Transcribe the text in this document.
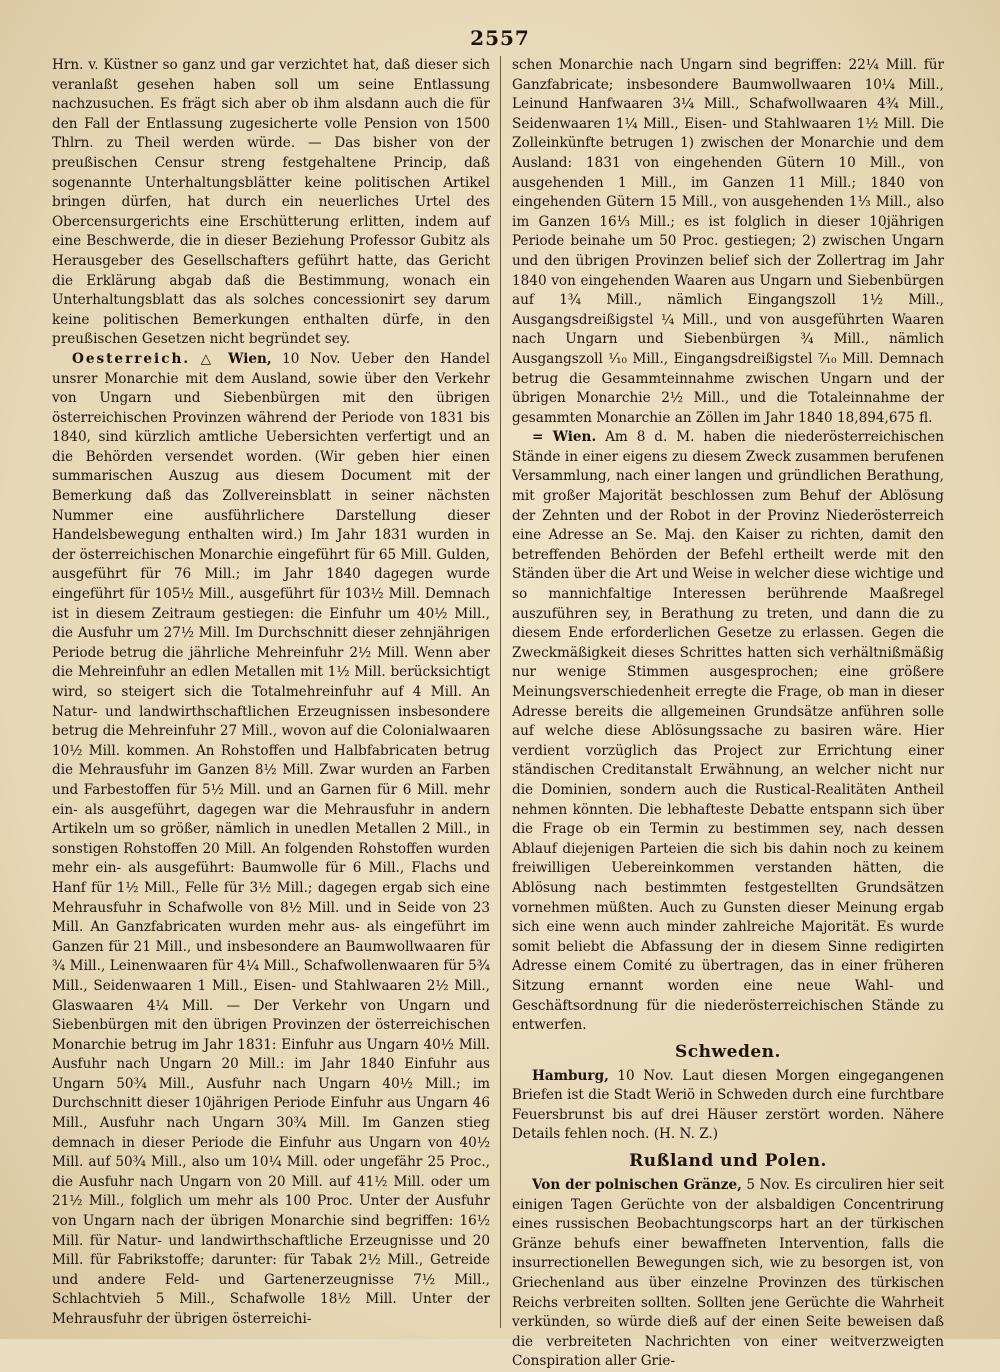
2557

Hrn. v. Küstner so ganz und gar verzichtet hat, daß dieser sich veranlaßt gesehen haben soll um seine Entlassung nachzusuchen. Es frägt sich aber ob ihm alsdann auch die für den Fall der Entlassung zugesicherte volle Pension von 1500 Thlrn. zu Theil werden würde. — Das bisher von der preußischen Censur streng festgehaltene Princip, daß sogenannte Unterhaltungsblätter keine politischen Artikel bringen dürfen, hat durch ein neuerliches Urtel des Obercensurgerichts eine Erschütterung erlitten, indem auf eine Beschwerde, die in dieser Beziehung Professor Gubitz als Herausgeber des Gesellschafters geführt hatte, das Gericht die Erklärung abgab daß die Bestimmung, wonach ein Unterhaltungsblatt das als solches concessionirt sey darum keine politischen Bemerkungen enthalten dürfe, in den preußischen Gesetzen nicht begründet sey.

Oesterreich. △ Wien, 10 Nov. Ueber den Handel unsrer Monarchie mit dem Ausland, sowie über den Verkehr von Ungarn und Siebenbürgen mit den übrigen österreichischen Provinzen während der Periode von 1831 bis 1840, sind kürzlich amtliche Uebersichten verfertigt und an die Behörden versendet worden. (Wir geben hier einen summarischen Auszug aus diesem Document mit der Bemerkung daß das Zollvereinsblatt in seiner nächsten Nummer eine ausführlichere Darstellung dieser Handelsbewegung enthalten wird.) Im Jahr 1831 wurden in der österreichischen Monarchie eingeführt für 65 Mill. Gulden, ausgeführt für 76 Mill.; im Jahr 1840 dagegen wurde eingeführt für 105½ Mill., ausgeführt für 103½ Mill. Demnach ist in diesem Zeitraum gestiegen: die Einfuhr um 40½ Mill., die Ausfuhr um 27½ Mill. Im Durchschnitt dieser zehnjährigen Periode betrug die jährliche Mehreinfuhr 2½ Mill. Wenn aber die Mehreinfuhr an edlen Metallen mit 1½ Mill. berücksichtigt wird, so steigert sich die Totalmehreinfuhr auf 4 Mill. An Natur- und landwirthschaftlichen Erzeugnissen insbesondere betrug die Mehreinfuhr 27 Mill., wovon auf die Colonialwaaren 10½ Mill. kommen. An Rohstoffen und Halbfabricaten betrug die Mehrausfuhr im Ganzen 8½ Mill. Zwar wurden an Farben und Farbestoffen für 5½ Mill. und an Garnen für 6 Mill. mehr ein- als ausgeführt, dagegen war die Mehrausfuhr in andern Artikeln um so größer, nämlich in unedlen Metallen 2 Mill., in sonstigen Rohstoffen 20 Mill. An folgenden Rohstoffen wurden mehr ein- als ausgeführt: Baumwolle für 6 Mill., Flachs und Hanf für 1½ Mill., Felle für 3½ Mill.; dagegen ergab sich eine Mehrausfuhr in Schafwolle von 8½ Mill. und in Seide von 23 Mill. An Ganzfabricaten wurden mehr aus- als eingeführt im Ganzen für 21 Mill., und insbesondere an Baumwollwaaren für ¾ Mill., Leinenwaaren für 4¼ Mill., Schafwollenwaaren für 5¾ Mill., Seidenwaaren 1 Mill., Eisen- und Stahlwaaren 2½ Mill., Glaswaaren 4¼ Mill. — Der Verkehr von Ungarn und Siebenbürgen mit den übrigen Provinzen der österreichischen Monarchie betrug im Jahr 1831: Einfuhr aus Ungarn 40½ Mill. Ausfuhr nach Ungarn 20 Mill.: im Jahr 1840 Einfuhr aus Ungarn 50¾ Mill., Ausfuhr nach Ungarn 40½ Mill.; im Durchschnitt dieser 10jährigen Periode Einfuhr aus Ungarn 46 Mill., Ausfuhr nach Ungarn 30¾ Mill. Im Ganzen stieg demnach in dieser Periode die Einfuhr aus Ungarn von 40½ Mill. auf 50¾ Mill., also um 10¼ Mill. oder ungefähr 25 Proc., die Ausfuhr nach Ungarn von 20 Mill. auf 41½ Mill. oder um 21½ Mill., folglich um mehr als 100 Proc. Unter der Ausfuhr von Ungarn nach der übrigen Monarchie sind begriffen: 16½ Mill. für Natur- und landwirthschaftliche Erzeugnisse und 20 Mill. für Fabrikstoffe; darunter: für Tabak 2½ Mill., Getreide und andere Feld- und Gartenerzeugnisse 7½ Mill., Schlachtvieh 5 Mill., Schafwolle 18½ Mill. Unter der Mehrausfuhr der übrigen österreichi-

schen Monarchie nach Ungarn sind begriffen: 22¼ Mill. für Ganzfabricate; insbesondere Baumwollwaaren 10¼ Mill., Leinund Hanfwaaren 3¼ Mill., Schafwollwaaren 4¾ Mill., Seidenwaaren 1¼ Mill., Eisen- und Stahlwaaren 1½ Mill. Die Zolleinkünfte betrugen 1) zwischen der Monarchie und dem Ausland: 1831 von eingehenden Gütern 10 Mill., von ausgehenden 1 Mill., im Ganzen 11 Mill.; 1840 von eingehenden Gütern 15 Mill., von ausgehenden 1⅓ Mill., also im Ganzen 16⅓ Mill.; es ist folglich in dieser 10jährigen Periode beinahe um 50 Proc. gestiegen; 2) zwischen Ungarn und den übrigen Provinzen belief sich der Zollertrag im Jahr 1840 von eingehenden Waaren aus Ungarn und Siebenbürgen auf 1¾ Mill., nämlich Eingangszoll 1½ Mill., Ausgangsdreißigstel ¼ Mill., und von ausgeführten Waaren nach Ungarn und Siebenbürgen ¾ Mill., nämlich Ausgangszoll ¹⁄₁₀ Mill., Eingangsdreißigstel ⁷⁄₁₀ Mill. Demnach betrug die Gesammteinnahme zwischen Ungarn und der übrigen Monarchie 2½ Mill., und die Totaleinnahme der gesammten Monarchie an Zöllen im Jahr 1840 18,894,675 fl.

= Wien. Am 8 d. M. haben die niederösterreichischen Stände in einer eigens zu diesem Zweck zusammen berufenen Versammlung, nach einer langen und gründlichen Berathung, mit großer Majorität beschlossen zum Behuf der Ablösung der Zehnten und der Robot in der Provinz Niederösterreich eine Adresse an Se. Maj. den Kaiser zu richten, damit den betreffenden Behörden der Befehl ertheilt werde mit den Ständen über die Art und Weise in welcher diese wichtige und so mannichfaltige Interessen berührende Maaßregel auszuführen sey, in Berathung zu treten, und dann die zu diesem Ende erforderlichen Gesetze zu erlassen. Gegen die Zweckmäßigkeit dieses Schrittes hatten sich verhältnißmäßig nur wenige Stimmen ausgesprochen; eine größere Meinungsverschiedenheit erregte die Frage, ob man in dieser Adresse bereits die allgemeinen Grundsätze anführen solle auf welche diese Ablösungssache zu basiren wäre. Hier verdient vorzüglich das Project zur Errichtung einer ständischen Creditanstalt Erwähnung, an welcher nicht nur die Dominien, sondern auch die Rustical-Realitäten Antheil nehmen könnten. Die lebhafteste Debatte entspann sich über die Frage ob ein Termin zu bestimmen sey, nach dessen Ablauf diejenigen Parteien die sich bis dahin noch zu keinem freiwilligen Uebereinkommen verstanden hätten, die Ablösung nach bestimmten festgestellten Grundsätzen vornehmen müßten. Auch zu Gunsten dieser Meinung ergab sich eine wenn auch minder zahlreiche Majorität. Es wurde somit beliebt die Abfassung der in diesem Sinne redigirten Adresse einem Comité zu übertragen, das in einer früheren Sitzung ernannt worden eine neue Wahl- und Geschäftsordnung für die niederösterreichischen Stände zu entwerfen.

Schweden.

Hamburg, 10 Nov. Laut diesen Morgen eingegangenen Briefen ist die Stadt Weriö in Schweden durch eine furchtbare Feuersbrunst bis auf drei Häuser zerstört worden. Nähere Details fehlen noch. (H. N. Z.)

Rußland und Polen.

Von der polnischen Gränze, 5 Nov. Es circuliren hier seit einigen Tagen Gerüchte von der alsbaldigen Concentrirung eines russischen Beobachtungscorps hart an der türkischen Gränze behufs einer bewaffneten Intervention, falls die insurrectionellen Bewegungen sich, wie zu besorgen ist, von Griechenland aus über einzelne Provinzen des türkischen Reichs verbreiten sollten. Sollten jene Gerüchte die Wahrheit verkünden, so würde dieß auf der einen Seite beweisen daß die verbreiteten Nachrichten von einer weitverzweigten Conspiration aller Grie-
